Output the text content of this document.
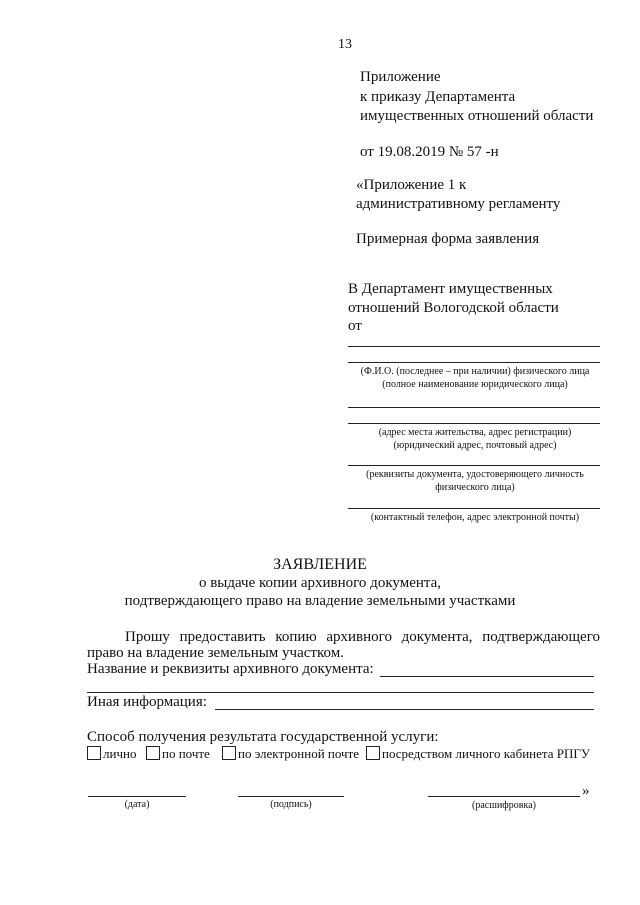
13
Приложение
к приказу Департамента
имущественных отношений области
от 19.08.2019 № 57 -н
«Приложение 1 к
административному регламенту
Примерная форма заявления
В Департамент имущественных
отношений Вологодской области
от
(Ф.И.О. (последнее – при наличии) физического лица
(полное наименование юридического лица)
(адрес места жительства, адрес регистрации)
(юридический адрес, почтовый адрес)
(реквизиты документа, удостоверяющего личность
физического лица)
(контактный телефон, адрес электронной почты)
ЗАЯВЛЕНИЕ
о выдаче копии архивного документа,
подтверждающего право на владение земельными участками
Прошу предоставить копию архивного документа, подтверждающего
право на владение земельным участком.
Название и реквизиты архивного документа:
Иная информация:
Способ получения результата государственной услуги:
лично	по почте	по электронной почте	посредством личного кабинета РПГУ
(дата)	(подпись)
»
(расшифровка)
